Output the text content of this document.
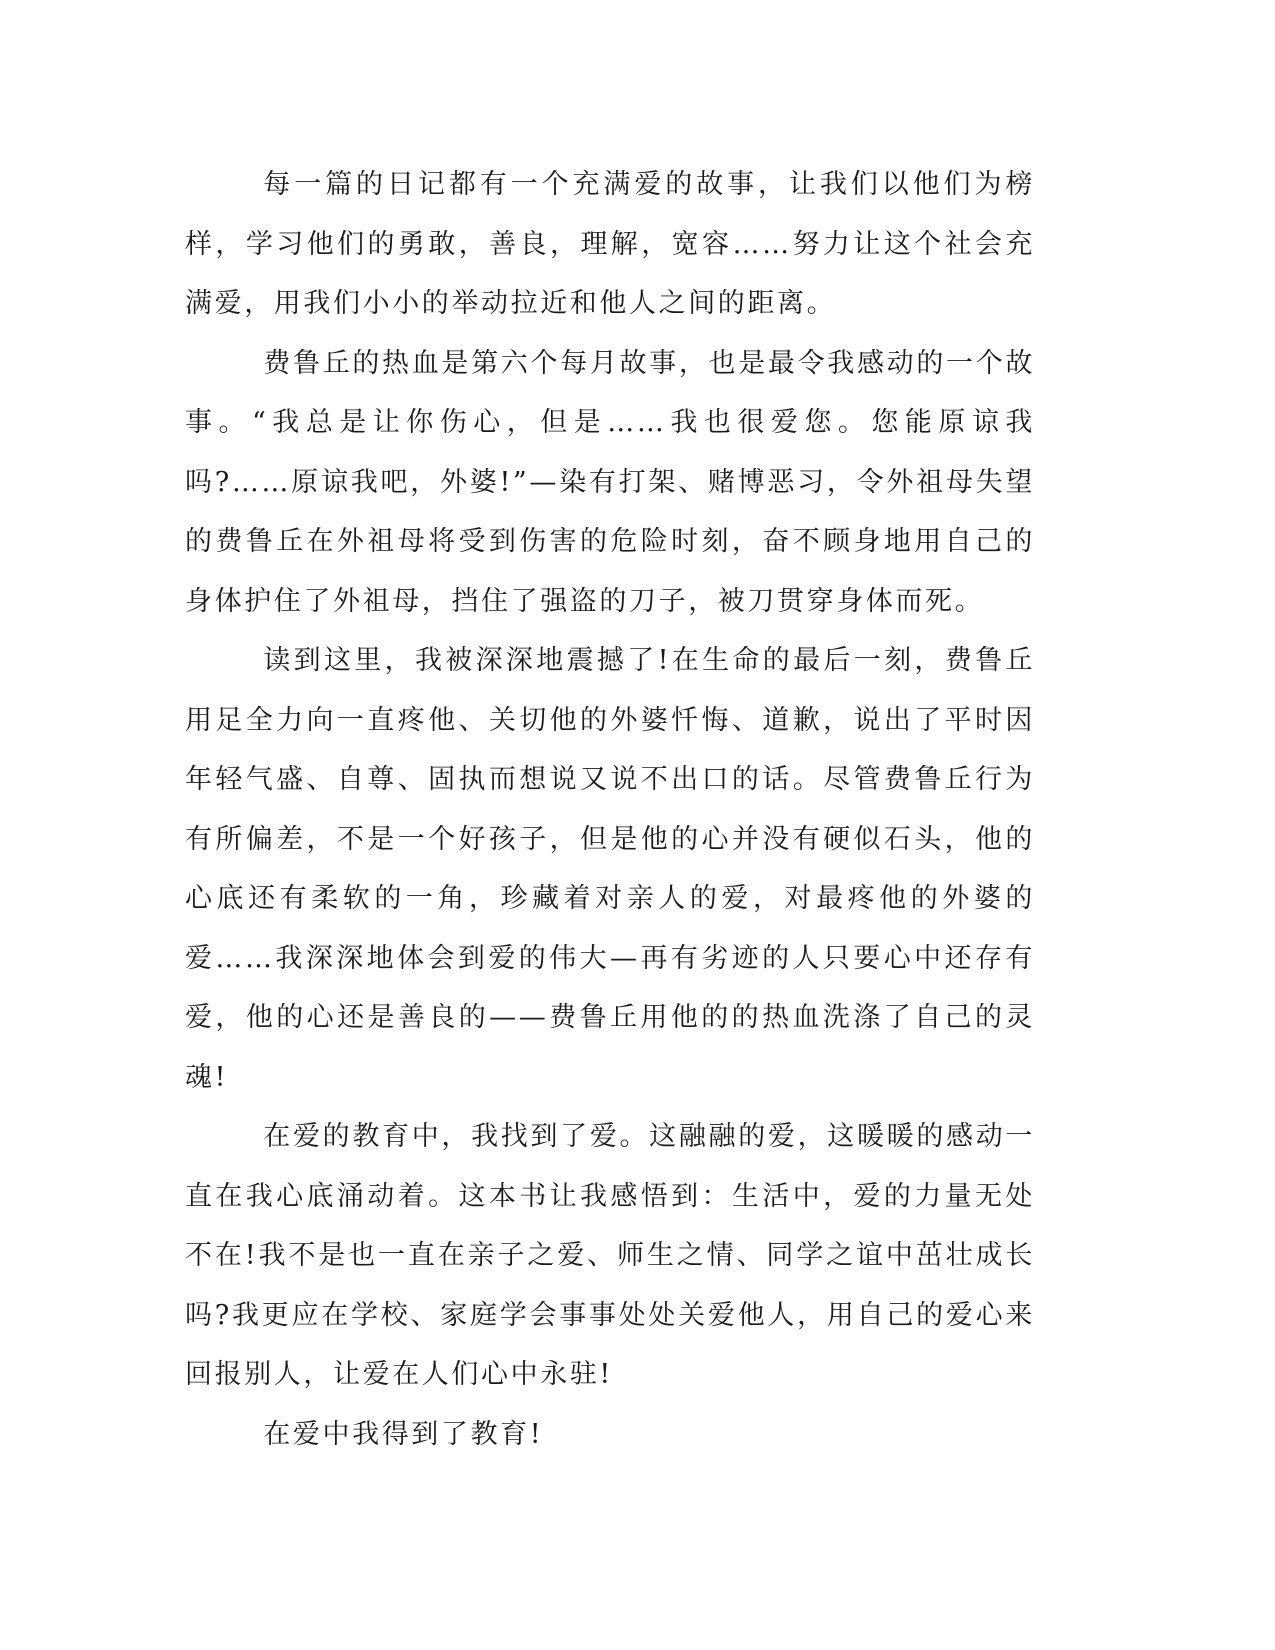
每一篇的日记都有一个充满爱的故事，让我们以他们为榜样，学习他们的勇敢，善良，理解，宽容……努力让这个社会充满爱，用我们小小的举动拉近和他人之间的距离。

费鲁丘的热血是第六个每月故事，也是最令我感动的一个故事。“我总是让你伤心，但是……我也很爱您。您能原谅我吗?……原谅我吧，外婆!”—染有打架、赌博恶习，令外祖母失望的费鲁丘在外祖母将受到伤害的危险时刻，奋不顾身地用自己的身体护住了外祖母，挡住了强盗的刀子，被刀贯穿身体而死。

读到这里，我被深深地震撼了!在生命的最后一刻，费鲁丘用足全力向一直疼他、关切他的外婆忏悔、道歉，说出了平时因年轻气盛、自尊、固执而想说又说不出口的话。尽管费鲁丘行为有所偏差，不是一个好孩子，但是他的心并没有硬似石头，他的心底还有柔软的一角，珍藏着对亲人的爱，对最疼他的外婆的爱……我深深地体会到爱的伟大—再有劣迹的人只要心中还存有爱，他的心还是善良的——费鲁丘用他的的热血洗涤了自己的灵魂!

在爱的教育中，我找到了爱。这融融的爱，这暖暖的感动一直在我心底涌动着。这本书让我感悟到：生活中，爱的力量无处不在!我不是也一直在亲子之爱、师生之情、同学之谊中茁壮成长吗?我更应在学校、家庭学会事事处处关爱他人，用自己的爱心来回报别人，让爱在人们心中永驻!

在爱中我得到了教育!
